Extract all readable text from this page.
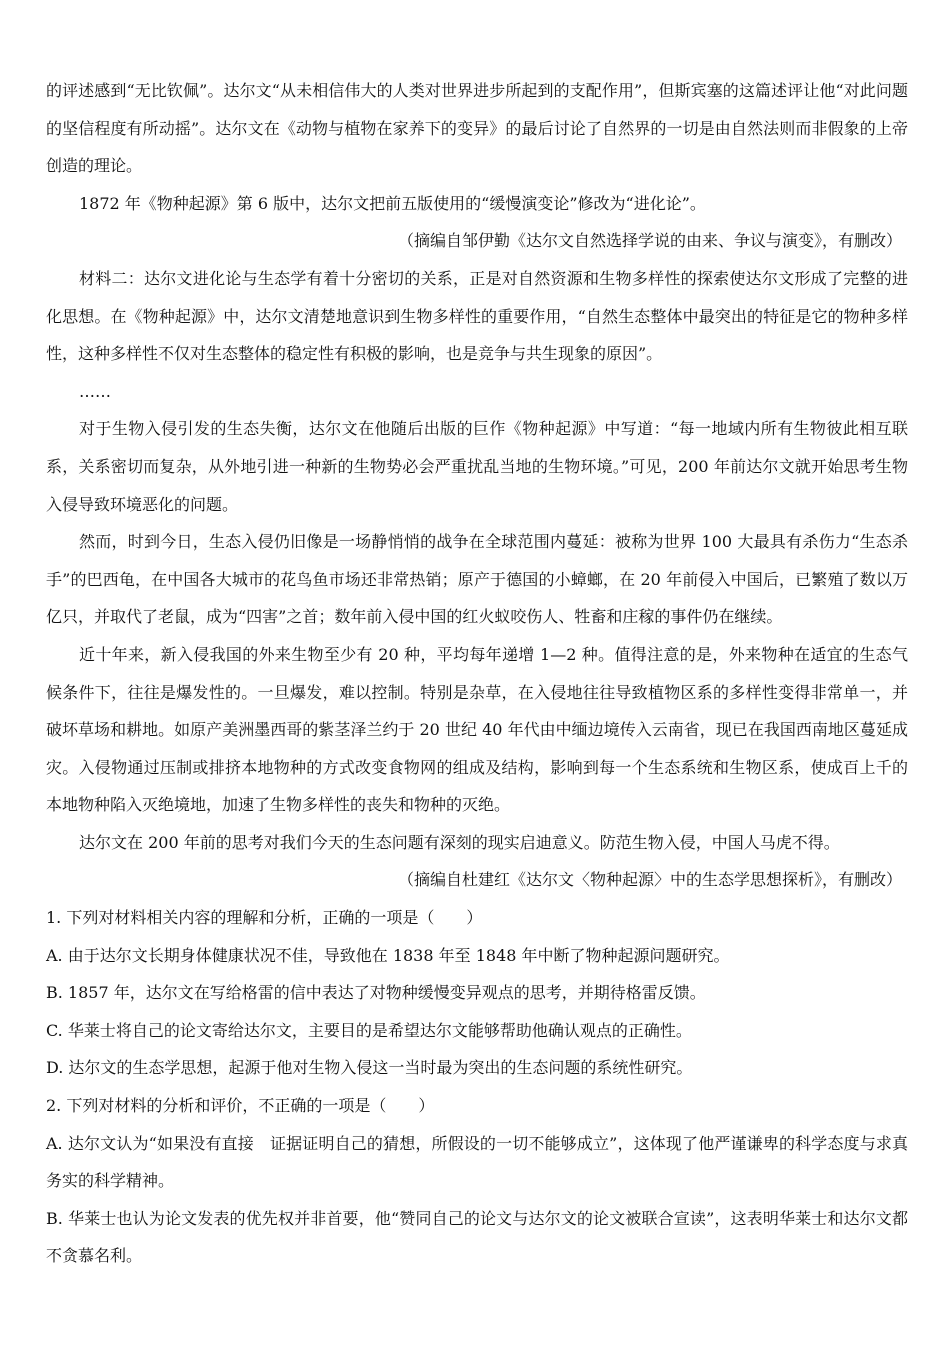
的评述感到“无比钦佩”。达尔文“从未相信伟大的人类对世界进步所起到的支配作用”，但斯宾塞的这篇述评让他“对此问题的坚信程度有所动摇”。达尔文在《动物与植物在家养下的变异》的最后讨论了自然界的一切是由自然法则而非假象的上帝创造的理论。

1872 年《物种起源》第 6 版中，达尔文把前五版使用的“缓慢演变论”修改为“进化论”。

（摘编自邹伊勤《达尔文自然选择学说的由来、争议与演变》，有删改）

材料二：达尔文进化论与生态学有着十分密切的关系，正是对自然资源和生物多样性的探索使达尔文形成了完整的进化思想。在《物种起源》中，达尔文清楚地意识到生物多样性的重要作用，“自然生态整体中最突出的特征是它的物种多样性，这种多样性不仅对生态整体的稳定性有积极的影响，也是竞争与共生现象的原因”。

……

对于生物入侵引发的生态失衡，达尔文在他随后出版的巨作《物种起源》中写道：“每一地域内所有生物彼此相互联系，关系密切而复杂，从外地引进一种新的生物势必会严重扰乱当地的生物环境。”可见，200 年前达尔文就开始思考生物入侵导致环境恶化的问题。

然而，时到今日，生态入侵仍旧像是一场静悄悄的战争在全球范围内蔓延：被称为世界 100 大最具有杀伤力“生态杀手”的巴西龟，在中国各大城市的花鸟鱼市场还非常热销；原产于德国的小蟑螂，在 20 年前侵入中国后，已繁殖了数以万亿只，并取代了老鼠，成为“四害”之首；数年前入侵中国的红火蚁咬伤人、牲畜和庄稼的事件仍在继续。

近十年来，新入侵我国的外来生物至少有 20 种，平均每年递增 1—2 种。值得注意的是，外来物种在适宜的生态气候条件下，往往是爆发性的。一旦爆发，难以控制。特别是杂草，在入侵地往往导致植物区系的多样性变得非常单一，并破坏草场和耕地。如原产美洲墨西哥的紫茎泽兰约于 20 世纪 40 年代由中缅边境传入云南省，现已在我国西南地区蔓延成灾。入侵物通过压制或排挤本地物种的方式改变食物网的组成及结构，影响到每一个生态系统和生物区系，使成百上千的本地物种陷入灭绝境地，加速了生物多样性的丧失和物种的灭绝。

达尔文在 200 年前的思考对我们今天的生态问题有深刻的现实启迪意义。防范生物入侵，中国人马虎不得。

（摘编自杜建红《达尔文〈物种起源〉中的生态学思想探析》，有删改）

1. 下列对材料相关内容的理解和分析，正确的一项是（　　）

A. 由于达尔文长期身体健康状况不佳，导致他在 1838 年至 1848 年中断了物种起源问题研究。

B. 1857 年，达尔文在写给格雷的信中表达了对物种缓慢变异观点的思考，并期待格雷反馈。

C. 华莱士将自己的论文寄给达尔文，主要目的是希望达尔文能够帮助他确认观点的正确性。

D. 达尔文的生态学思想，起源于他对生物入侵这一当时最为突出的生态问题的系统性研究。

2. 下列对材料的分析和评价，不正确的一项是（　　）

A. 达尔文认为“如果没有直接　证据证明自己的猜想，所假设的一切不能够成立”，这体现了他严谨谦卑的科学态度与求真务实的科学精神。

B. 华莱士也认为论文发表的优先权并非首要，他“赞同自己的论文与达尔文的论文被联合宣读”，这表明华莱士和达尔文都不贪慕名利。
